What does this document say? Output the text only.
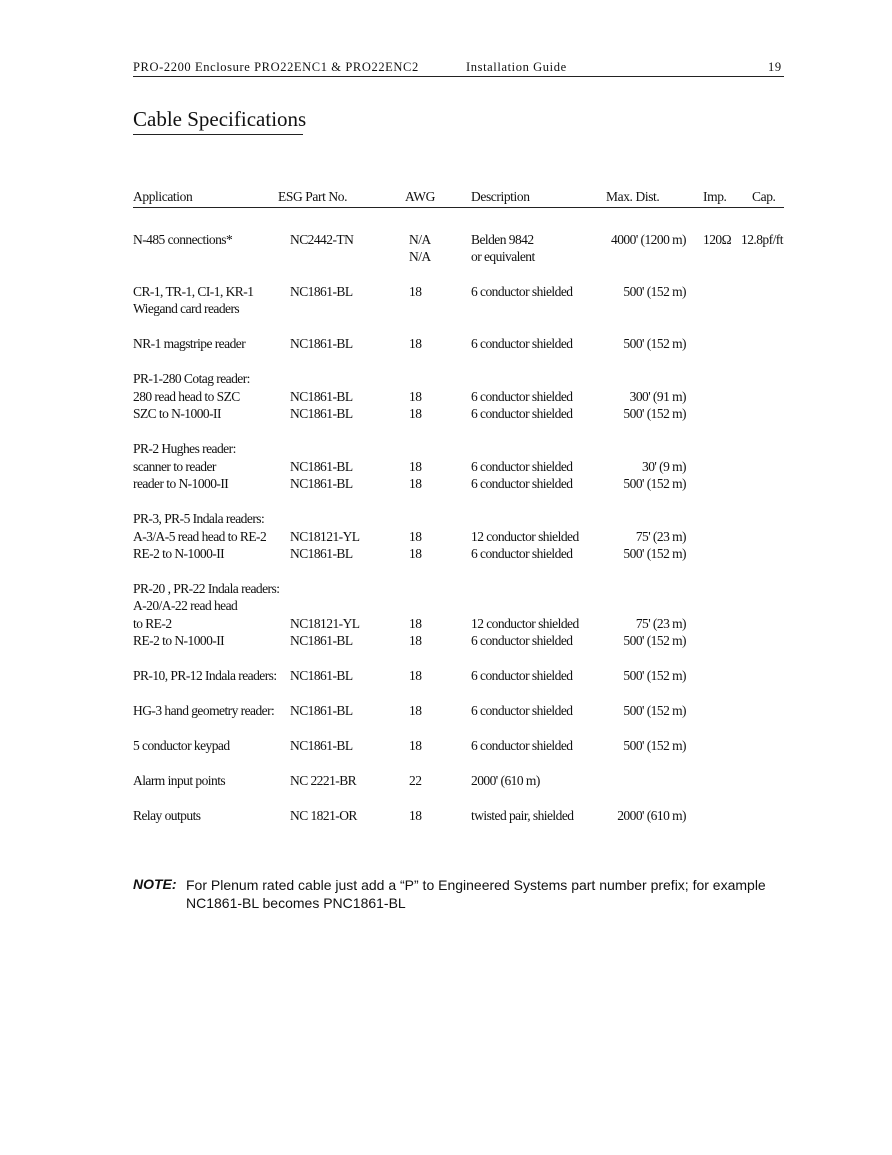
PRO-2200 Enclosure PRO22ENC1 & PRO22ENC2	Installation Guide	19
Cable Specifications
Application	ESG Part No.	AWG	Description	Max. Dist.	Imp. Cap.
N-485 connections*	NC2442-TN	N/A	Belden 9842	4000' (1200 m) 120Ω 12.8pf/ft
N/A	or equivalent
CR-1, TR-1, CI-1, KR-1	NC1861-BL	18	6 conductor shielded	500' (152 m)
Wiegand card readers
NR-1 magstripe reader	NC1861-BL	18	6 conductor shielded	500' (152 m)
PR-1-280 Cotag reader:
280 read head to SZC	NC1861-BL	18	6 conductor shielded	300' (91 m)
SZC to N-1000-II	NC1861-BL	18	6 conductor shielded	500' (152 m)
PR-2 Hughes reader:
scanner to reader	NC1861-BL	18	6 conductor shielded	30' (9 m)
reader to N-1000-II	NC1861-BL	18	6 conductor shielded	500' (152 m)
PR-3, PR-5 Indala readers:
A-3/A-5 read head to RE-2 NC18121-YL	18	12 conductor shielded	75' (23 m)
RE-2 to N-1000-II	NC1861-BL	18	6 conductor shielded	500' (152 m)
PR-20 , PR-22 Indala readers:
A-20/A-22 read head
to RE-2	NC18121-YL	18	12 conductor shielded	75' (23 m)
RE-2 to N-1000-II	NC1861-BL	18	6 conductor shielded	500' (152 m)
PR-10, PR-12 Indala readers: NC1861-BL	18	6 conductor shielded	500' (152 m)
HG-3 hand geometry reader: NC1861-BL	18	6 conductor shielded	500' (152 m)
5 conductor keypad	NC1861-BL	18	6 conductor shielded	500' (152 m)
Alarm input points	NC 2221-BR	22	2000' (610 m)
Relay outputs	NC 1821-OR	18	twisted pair, shielded	2000' (610 m)
NOTE: For Plenum rated cable just add a “P” to Engineered Systems part number prefix; for example NC1861-BL becomes PNC1861-BL
